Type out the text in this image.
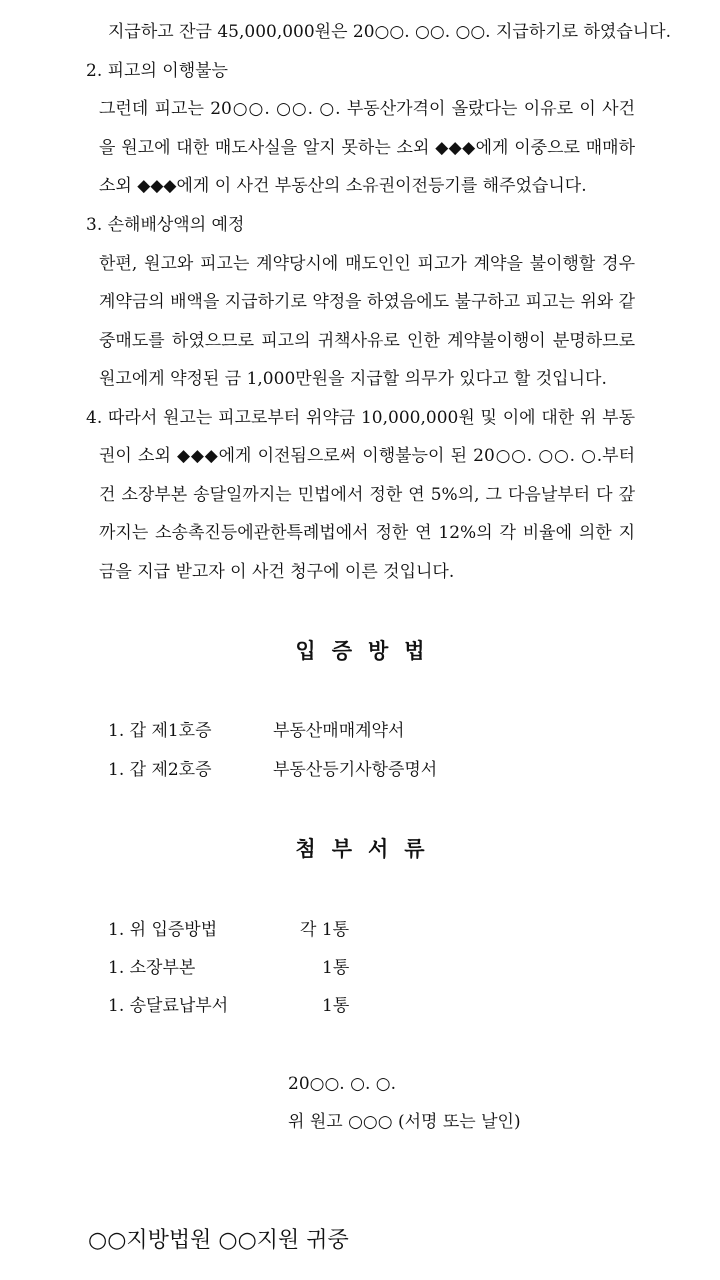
지급하고 잔금 45,000,000원은 20○○. ○○. ○○. 지급하기로 하였습니다.
2. 피고의 이행불능
그런데 피고는 20○○. ○○. ○. 부동산가격이 올랐다는 이유로 이 사건
을 원고에 대한 매도사실을 알지 못하는 소외 ◆◆◆에게 이중으로 매매하
소외 ◆◆◆에게 이 사건 부동산의 소유권이전등기를 해주었습니다.
3. 손해배상액의 예정
한편, 원고와 피고는 계약당시에 매도인인 피고가 계약을 불이행할 경우
계약금의 배액을 지급하기로 약정을 하였음에도 불구하고 피고는 위와 같
중매도를 하였으므로 피고의 귀책사유로 인한 계약불이행이 분명하므로
원고에게 약정된 금 1,000만원을 지급할 의무가 있다고 할 것입니다.
4. 따라서 원고는 피고로부터 위약금 10,000,000원 및 이에 대한 위 부동
권이 소외 ◆◆◆에게 이전됨으로써 이행불능이 된 20○○. ○○. ○.부터
건 소장부본 송달일까지는 민법에서 정한 연 5%의, 그 다음날부터 다 갚
까지는 소송촉진등에관한특례법에서 정한 연 12%의 각 비율에 의한 지
금을 지급 받고자 이 사건 청구에 이른 것입니다.
입증방법
1. 갑 제1호증	부동산매매계약서
1. 갑 제2호증	부동산등기사항증명서
첨부서류
1. 위 입증방법	각 1통
1. 소장부본	1통
1. 송달료납부서	1통
20○○. ○. ○.
위 원고 ○○○ (서명 또는 날인)
○○지방법원 ○○지원 귀중
